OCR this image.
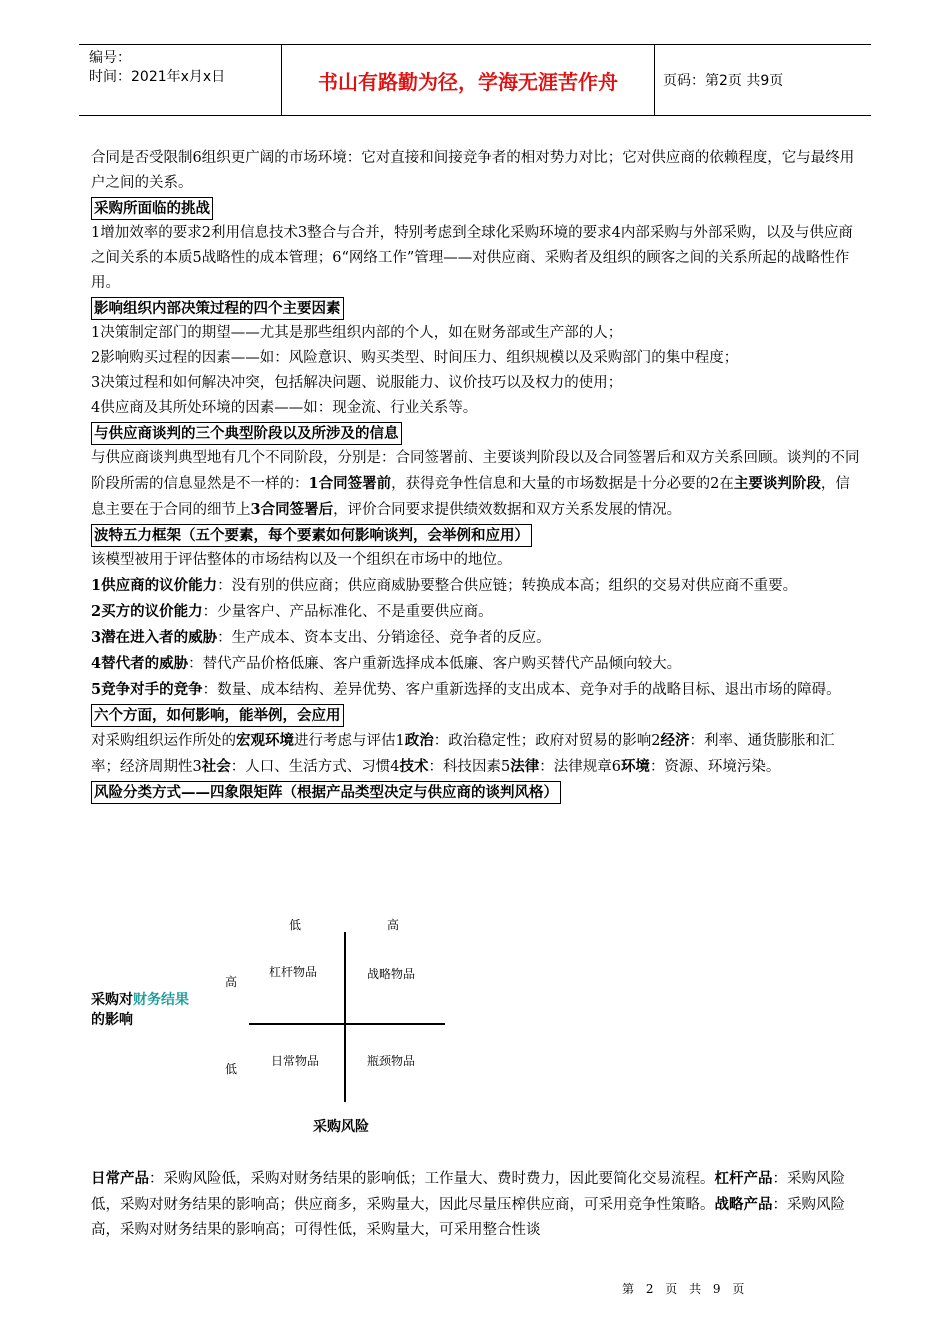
编号：
时间：2021年x月x日	书山有路勤为径，学海无涯苦作舟	页码：第2页 共9页

合同是否受限制6组织更广阔的市场环境：它对直接和间接竞争者的相对势力对比；它对供应商的依赖程度，它与最终用户之间的关系。

采购所面临的挑战

1增加效率的要求2利用信息技术3整合与合并，特别考虑到全球化采购环境的要求4内部采购与外部采购，以及与供应商之间关系的本质5战略性的成本管理；6“网络工作”管理——对供应商、采购者及组织的顾客之间的关系所起的战略性作用。

影响组织内部决策过程的四个主要因素

1决策制定部门的期望——尤其是那些组织内部的个人，如在财务部或生产部的人；

2影响购买过程的因素——如：风险意识、购买类型、时间压力、组织规模以及采购部门的集中程度；

3决策过程和如何解决冲突，包括解决问题、说服能力、议价技巧以及权力的使用；

4供应商及其所处环境的因素——如：现金流、行业关系等。

与供应商谈判的三个典型阶段以及所涉及的信息

与供应商谈判典型地有几个不同阶段，分别是：合同签署前、主要谈判阶段以及合同签署后和双方关系回顾。谈判的不同阶段所需的信息显然是不一样的：1合同签署前，获得竞争性信息和大量的市场数据是十分必要的2在主要谈判阶段，信息主要在于合同的细节上3合同签署后，评价合同要求提供绩效数据和双方关系发展的情况。

波特五力框架（五个要素，每个要素如何影响谈判，会举例和应用）

该模型被用于评估整体的市场结构以及一个组织在市场中的地位。

1供应商的议价能力：没有别的供应商；供应商威胁要整合供应链；转换成本高；组织的交易对供应商不重要。

2买方的议价能力：少量客户、产品标准化、不是重要供应商。

3潜在进入者的威胁：生产成本、资本支出、分销途径、竞争者的反应。

4替代者的威胁：替代产品价格低廉、客户重新选择成本低廉、客户购买替代产品倾向较大。

5竞争对手的竞争：数量、成本结构、差异优势、客户重新选择的支出成本、竞争对手的战略目标、退出市场的障碍。

六个方面，如何影响，能举例，会应用

对采购组织运作所处的宏观环境进行考虑与评估1政治：政治稳定性；政府对贸易的影响2经济：利率、通货膨胀和汇率；经济周期性3社会：人口、生活方式、习惯4技术：科技因素5法律：法律规章6环境：资源、环境污染。

风险分类方式——四象限矩阵（根据产品类型决定与供应商的谈判风格）
低	高
高
低
杠杆物品	战略物品
日常物品	瓶颈物品
采购对财务结果
的影响
采购风险

日常产品：采购风险低，采购对财务结果的影响低；工作量大、费时费力，因此要简化交易流程。杠杆产品：采购风险低，采购对财务结果的影响高；供应商多，采购量大，因此尽量压榨供应商，可采用竞争性策略。战略产品：采购风险高，采购对财务结果的影响高；可得性低，采购量大，可采用整合性谈

第 2 页 共 9 页
